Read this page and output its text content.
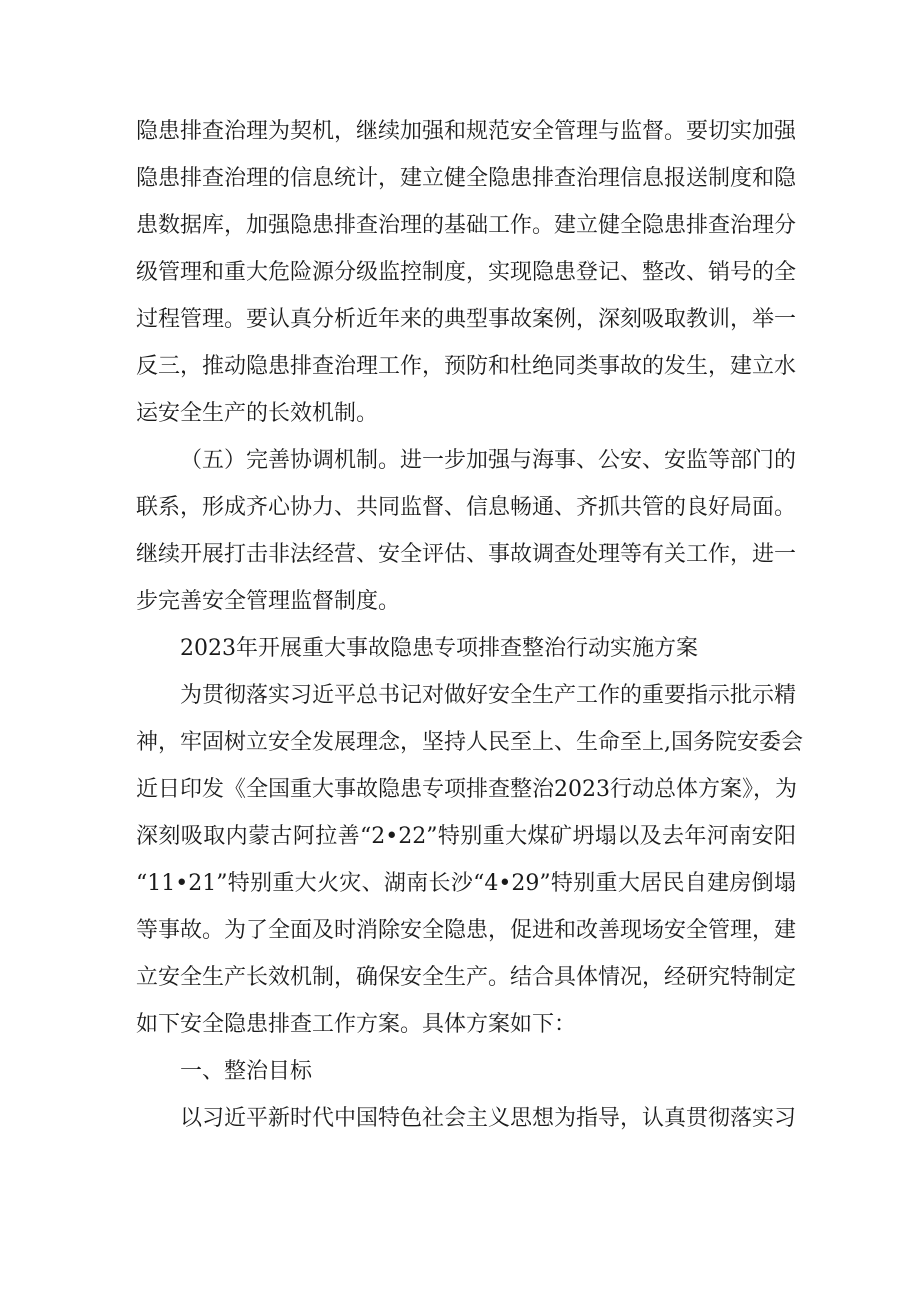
隐患排查治理为契机，继续加强和规范安全管理与监督。要切实加强
隐患排查治理的信息统计，建立健全隐患排查治理信息报送制度和隐
患数据库，加强隐患排查治理的基础工作。建立健全隐患排查治理分
级管理和重大危险源分级监控制度，实现隐患登记、整改、销号的全
过程管理。要认真分析近年来的典型事故案例，深刻吸取教训，举一
反三，推动隐患排查治理工作，预防和杜绝同类事故的发生，建立水
运安全生产的长效机制。
（五）完善协调机制。进一步加强与海事、公安、安监等部门的
联系，形成齐心协力、共同监督、信息畅通、齐抓共管的良好局面。
继续开展打击非法经营、安全评估、事故调查处理等有关工作，进一
步完善安全管理监督制度。
2023年开展重大事故隐患专项排查整治行动实施方案
为贯彻落实习近平总书记对做好安全生产工作的重要指示批示精
神，牢固树立安全发展理念，坚持人民至上、生命至上,国务院安委会
近日印发《全国重大事故隐患专项排查整治2023行动总体方案》，为
深刻吸取内蒙古阿拉善“2•22”特别重大煤矿坍塌以及去年河南安阳
“11•21”特别重大火灾、湖南长沙“4•29”特别重大居民自建房倒塌
等事故。为了全面及时消除安全隐患，促进和改善现场安全管理，建
立安全生产长效机制，确保安全生产。结合具体情况，经研究特制定
如下安全隐患排查工作方案。具体方案如下：
一、整治目标
以习近平新时代中国特色社会主义思想为指导，认真贯彻落实习
